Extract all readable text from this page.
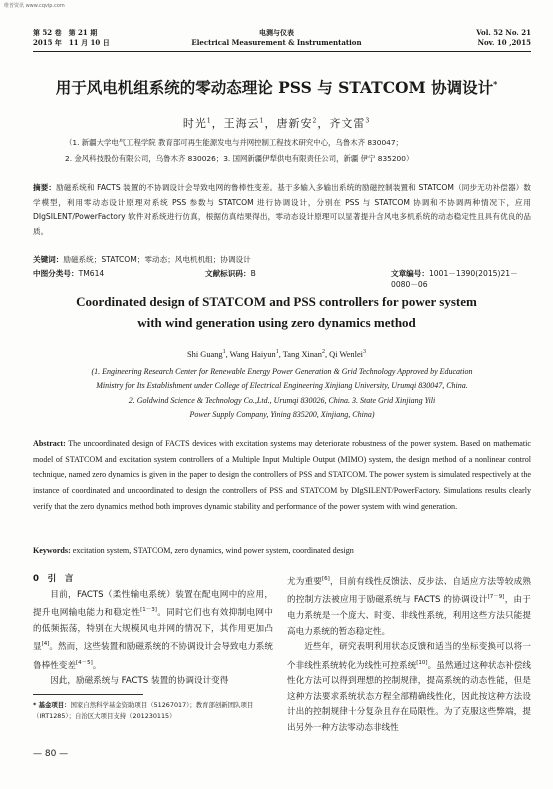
维普资讯 www.cqvip.com
第 52 卷　第 21 期
2015 年　11 月 10 日
电测与仪表
Electrical Measurement & Instrumentation
Vol. 52 No. 21
Nov. 10 ,2015
用于风电机组系统的零动态理论 PSS 与 STATCOM 协调设计*
时光$^1$，王海云$^1$，唐新安$^2$，齐文雷$^3$
（1. 新疆大学电气工程学院 教育部可再生能源发电与并网控制工程技术研究中心，乌鲁木齐 830047；
2. 金风科技股份有限公司，乌鲁木齐 830026；3. 国网新疆伊犁供电有限责任公司，新疆 伊宁 835200）
摘要：励磁系统和 FACTS 装置的不协调设计会导致电网的鲁棒性变差。基于多输入多输出系统的励磁控制装置和 STATCOM（同步无功补偿器）数学模型，利用零动态设计原理对系统 PSS 参数与 STATCOM 进行协调设计，分别在 PSS 与 STATCOM 协调和不协调两种情况下，应用 DIgSILENT/PowerFactory 软件对系统进行仿真，根据仿真结果得出，零动态设计原理可以显著提升含风电多机系统的动态稳定性且具有优良的品质。
关键词：励磁系统；STATCOM；零动态；风电机机组；协调设计
中图分类号：TM614	文献标识码：B	文章编号：1001－1390(2015)21－0080－06
Coordinated design of STATCOM and PSS controllers for power system
with wind generation using zero dynamics method
Shi Guang$^1$, Wang Haiyun$^1$, Tang Xinan$^2$, Qi Wenlei$^3$
(1. Engineering Research Center for Renewable Energy Power Generation & Grid Technology Approved by Education
Ministry for Its Establishment under College of Electrical Engineering Xinjiang University, Urumqi 830047, China.
2. Goldwind Science & Technology Co.,Ltd., Urumqi 830026, China. 3. State Grid Xinjiang Yili
Power Supply Company, Yining 835200, Xinjiang, China)
Abstract: The uncoordinated design of FACTS devices with excitation systems may deteriorate robustness of the power system. Based on mathematic model of STATCOM and excitation system controllers of a Multiple Input Multiple Output (MIMO) system, the design method of a nonlinear control technique, named zero dynamics is given in the paper to design the controllers of PSS and STATCOM. The power system is simulated respectively at the instance of coordinated and uncoordinated to design the controllers of PSS and STATCOM by DIgSILENT/PowerFactory. Simulations results clearly verify that the zero dynamics method both improves dynamic stability and performance of the power system with wind generation.
Keywords: excitation system, STATCOM, zero dynamics, wind power system, coordinated design

0　引　言

目前，FACTS（柔性输电系统）装置在配电网中的应用，提升电网输电能力和稳定性[1－3]。同时它们也有效抑制电网中的低频振荡，特别在大规模风电并网的情况下，其作用更加凸显[4]。然而，这些装置和励磁系统的不协调设计会导致电力系统鲁棒性变差[4－5]。

因此，励磁系统与 FACTS 装置的协调设计变得

* 基金项目：国家自然科学基金资助项目（51267017）；教育部创新团队项目（IRT1285）；自治区大项目支持（201230115）

尤为重要[6]，目前有线性反馈法、反步法、自适应方法等较成熟的控制方法被应用于励磁系统与 FACTS 的协调设计[7－9]，由于电力系统是一个庞大、时变、非线性系统，利用这些方法只能提高电力系统的暂态稳定性。

近些年，研究表明利用状态反馈和适当的坐标变换可以将一个非线性系统转化为线性可控系统[10]。虽然通过这种状态补偿线性化方法可以得到理想的控制规律，提高系统的动态性能，但是这种方法要求系统状态方程全部精确线性化，因此按这种方法设计出的控制规律十分复杂且存在局限性。为了克服这些弊端，提出另外一种方法零动态非线性

— 80 —
